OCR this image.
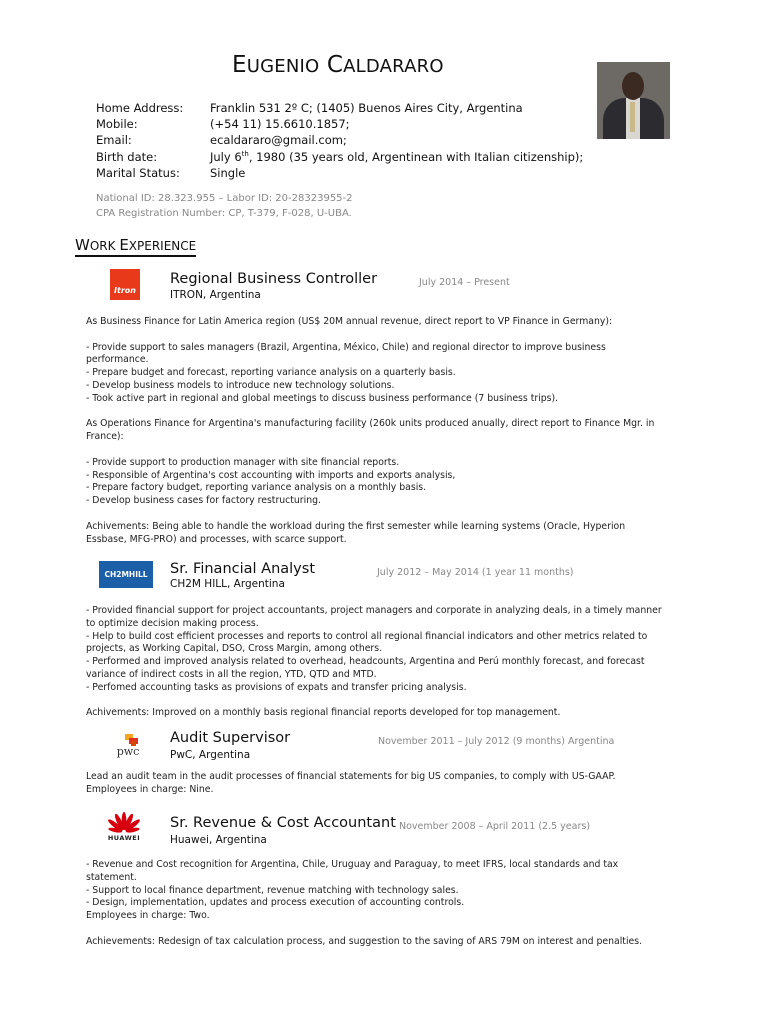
EUGENIO CALDARARO
Home Address: Franklin 531 2º C; (1405) Buenos Aires City, Argentina
Mobile:	(+54 11) 15.6610.1857;
Email:	ecaldararo@gmail.com;
Birth date:	July 6th, 1980 (35 years old, Argentinean with Italian citizenship);
Marital Status:	Single
National ID: 28.323.955 – Labor ID: 20-28323955-2
CPA Registration Number: CP, T-379, F-028, U-UBA.
WORK EXPERIENCE
Itron
Regional Business Controller	July 2014 – Present
ITRON, Argentina

As Business Finance for Latin America region (US$ 20M annual revenue, direct report to VP Finance in Germany):

- Provide support to sales managers (Brazil, Argentina, México, Chile) and regional director to improve business performance.
- Prepare budget and forecast, reporting variance analysis on a quarterly basis.
- Develop business models to introduce new technology solutions.
- Took active part in regional and global meetings to discuss business performance (7 business trips).

As Operations Finance for Argentina's manufacturing facility (260k units produced anually, direct report to Finance Mgr. in France):

- Provide support to production manager with site financial reports.
- Responsible of Argentina's cost accounting with imports and exports analysis,
- Prepare factory budget, reporting variance analysis on a monthly basis.
- Develop business cases for factory restructuring.

Achivements: Being able to handle the workload during the first semester while learning systems (Oracle, Hyperion Essbase, MFG-PRO) and processes, with scarce support.

CH2MHILL Sr. Financial Analyst	July 2012 – May 2014 (1 year 11 months)
CH2M HILL, Argentina

- Provided financial support for project accountants, project managers and corporate in analyzing deals, in a timely manner to optimize decision making process.
- Help to build cost efficient processes and reports to control all regional financial indicators and other metrics related to projects, as Working Capital, DSO, Cross Margin, among others.
- Performed and improved analysis related to overhead, headcounts, Argentina and Perú monthly forecast, and forecast variance of indirect costs in all the region, YTD, QTD and MTD.
- Perfomed accounting tasks as provisions of expats and transfer pricing analysis.

Achivements: Improved on a monthly basis regional financial reports developed for top management.

pwc
Audit Supervisor	November 2011 – July 2012 (9 months) Argentina
PwC, Argentina

Lead an audit team in the audit processes of financial statements for big US companies, to comply with US-GAAP.
Employees in charge: Nine.

HUAWEI
Sr. Revenue & Cost Accountant November 2008 – April 2011 (2.5 years)
Huawei, Argentina

- Revenue and Cost recognition for Argentina, Chile, Uruguay and Paraguay, to meet IFRS, local standards and tax statement.
- Support to local finance department, revenue matching with technology sales.
- Design, implementation, updates and process execution of accounting controls.
Employees in charge: Two.

Achievements: Redesign of tax calculation process, and suggestion to the saving of ARS 79M on interest and penalties.
